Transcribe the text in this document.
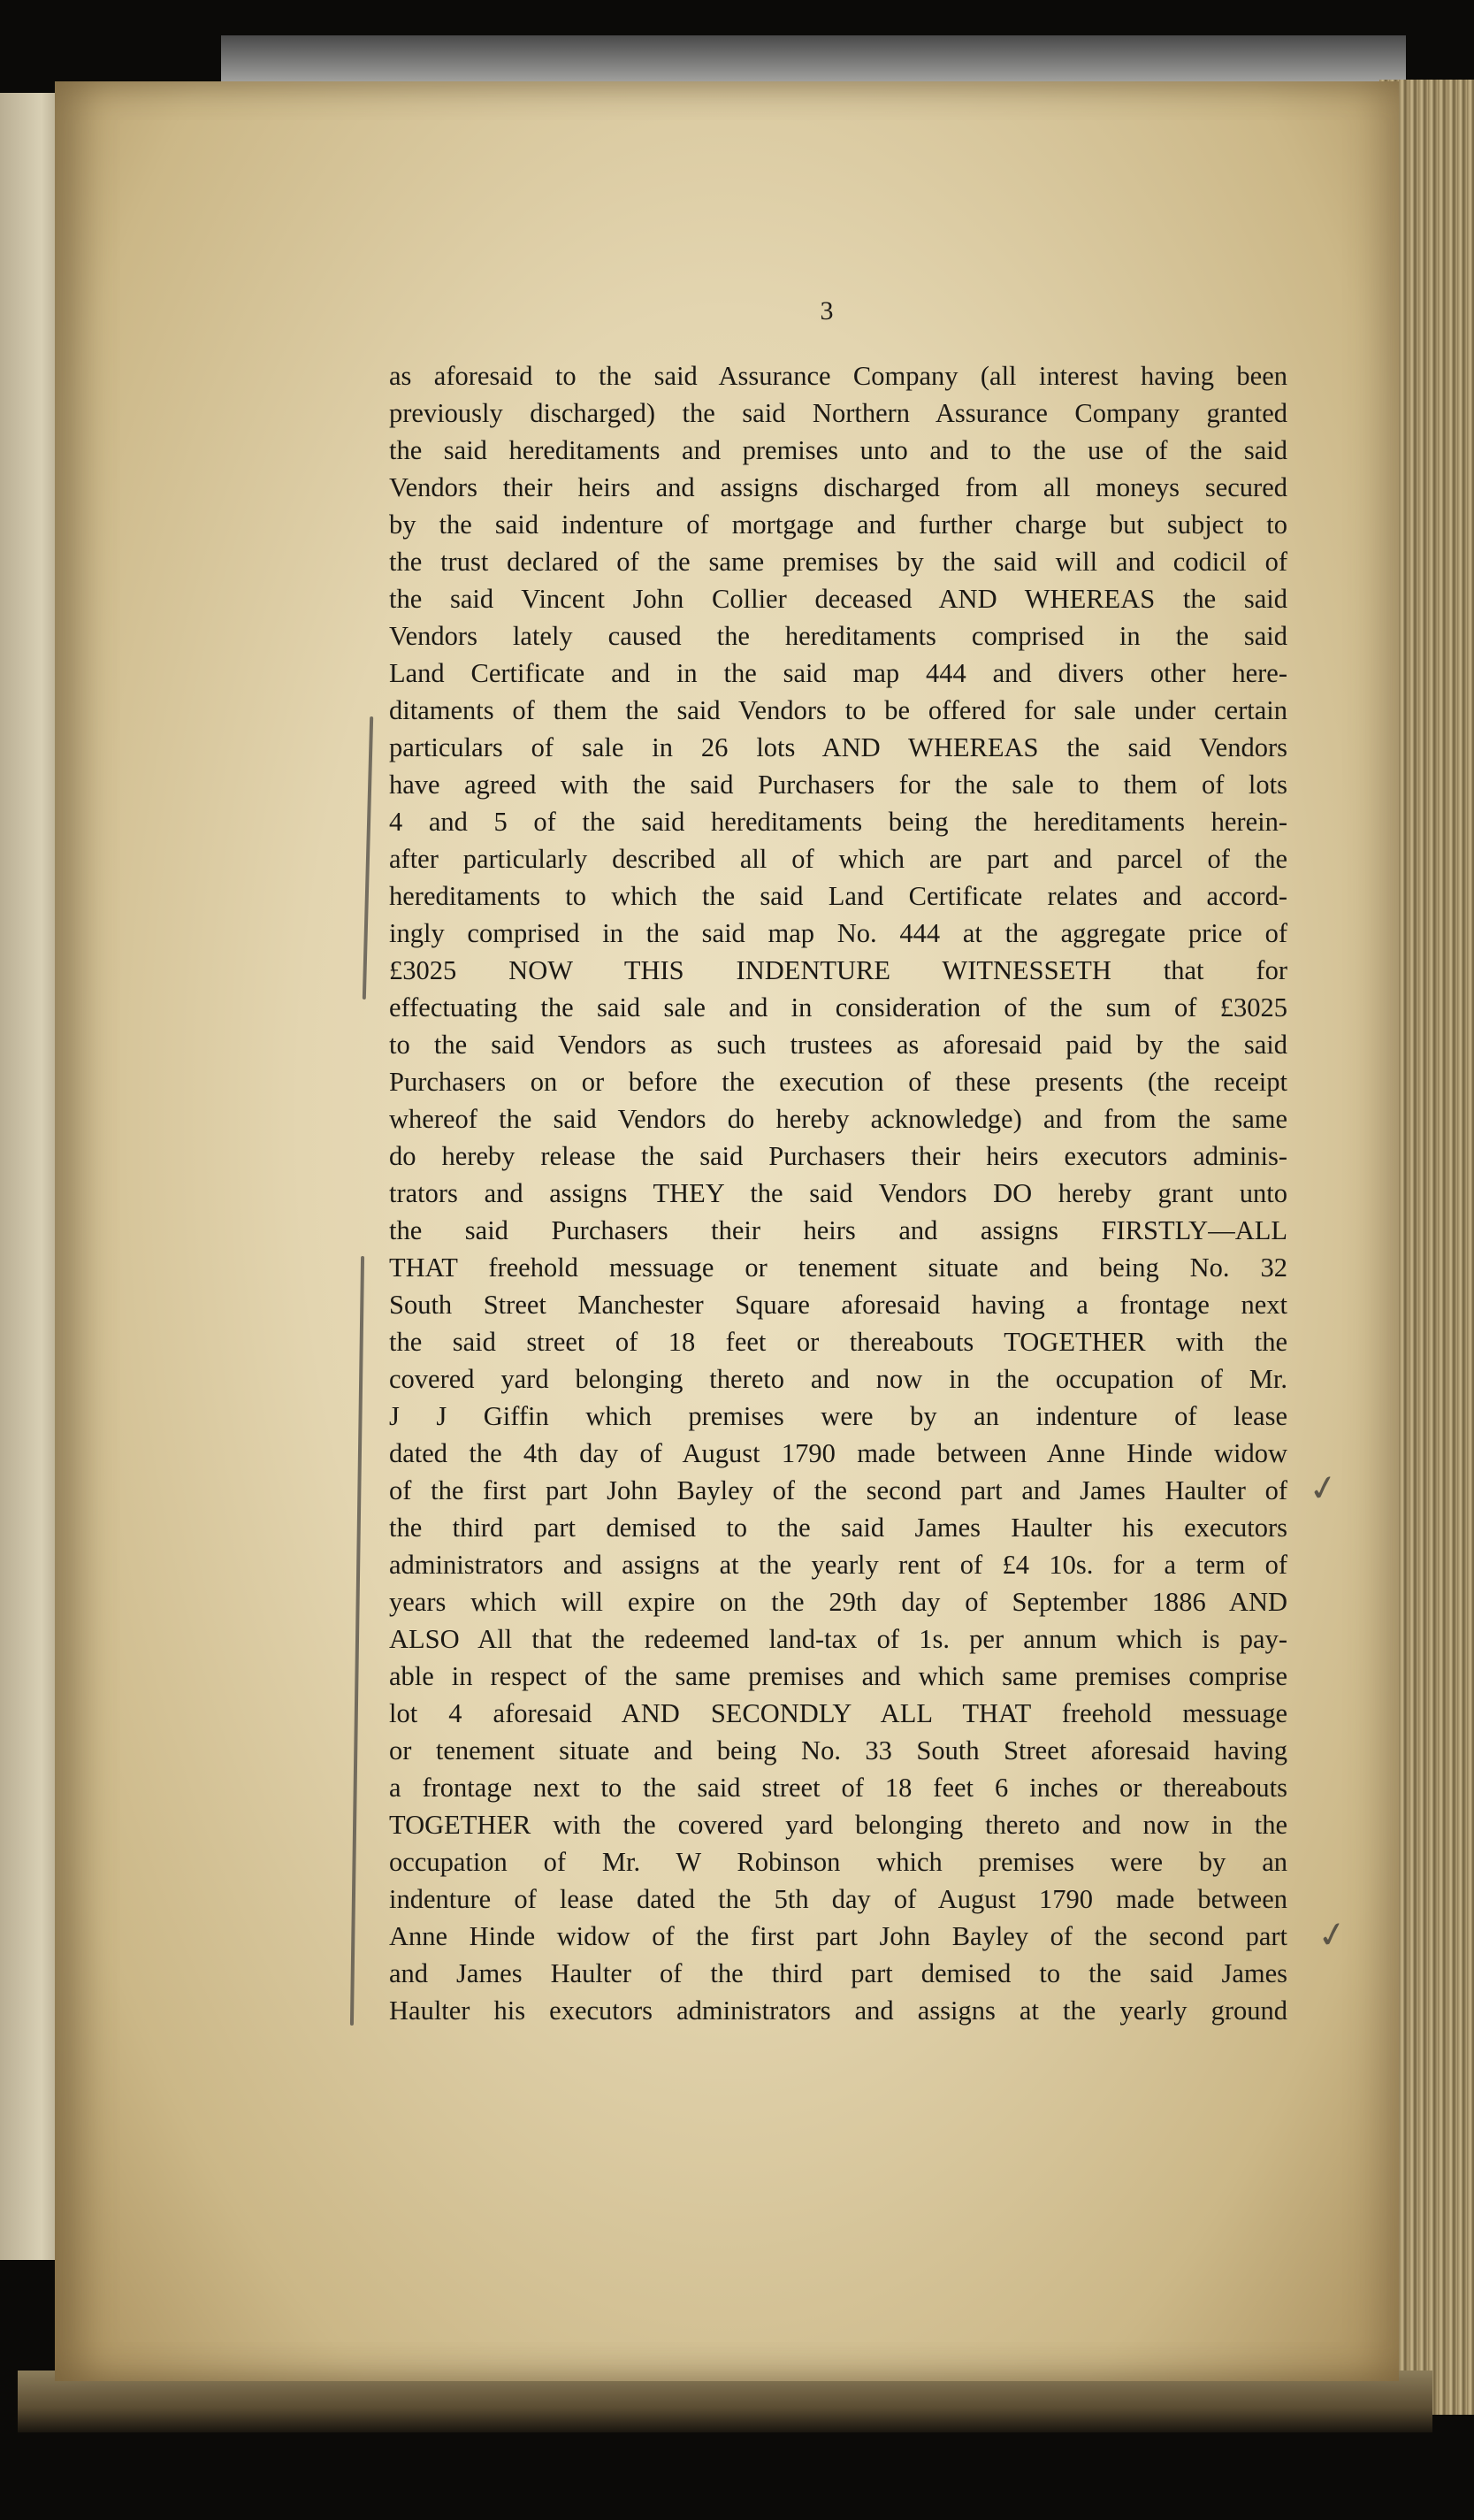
3
as aforesaid to the said Assurance Company (all interest having been
previously discharged) the said Northern Assurance Company granted
the said hereditaments and premises unto and to the use of the said
Vendors their heirs and assigns discharged from all moneys secured
by the said indenture of mortgage and further charge but subject to
the trust declared of the same premises by the said will and codicil of
the said Vincent John Collier deceased AND WHEREAS the said
Vendors lately caused the hereditaments comprised in the said
Land Certificate and in the said map 444 and divers other here-
ditaments of them the said Vendors to be offered for sale under certain
particulars of sale in 26 lots AND WHEREAS the said Vendors
have agreed with the said Purchasers for the sale to them of lots
4 and 5 of the said hereditaments being the hereditaments herein-
after particularly described all of which are part and parcel of the
hereditaments to which the said Land Certificate relates and accord-
ingly comprised in the said map No. 444 at the aggregate price of
£3025 NOW THIS INDENTURE WITNESSETH that for
effectuating the said sale and in consideration of the sum of £3025
to the said Vendors as such trustees as aforesaid paid by the said
Purchasers on or before the execution of these presents (the receipt
whereof the said Vendors do hereby acknowledge) and from the same
do hereby release the said Purchasers their heirs executors adminis-
trators and assigns THEY the said Vendors DO hereby grant unto
the said Purchasers their heirs and assigns FIRSTLY—ALL
THAT freehold messuage or tenement situate and being No. 32
South Street Manchester Square aforesaid having a frontage next
the said street of 18 feet or thereabouts TOGETHER with the
covered yard belonging thereto and now in the occupation of Mr.
J J Giffin which premises were by an indenture of lease
dated the 4th day of August 1790 made between Anne Hinde widow
of the first part John Bayley of the second part and James Haulter of
the third part demised to the said James Haulter his executors
administrators and assigns at the yearly rent of £4 10s. for a term of
years which will expire on the 29th day of September 1886 AND
ALSO All that the redeemed land-tax of 1s. per annum which is pay-
able in respect of the same premises and which same premises comprise
lot 4 aforesaid AND SECONDLY ALL THAT freehold messuage
or tenement situate and being No. 33 South Street aforesaid having
a frontage next to the said street of 18 feet 6 inches or thereabouts
TOGETHER with the covered yard belonging thereto and now in the
occupation of Mr. W Robinson which premises were by an
indenture of lease dated the 5th day of August 1790 made between
Anne Hinde widow of the first part John Bayley of the second part
and James Haulter of the third part demised to the said James
Haulter his executors administrators and assigns at the yearly ground
✓
✓
